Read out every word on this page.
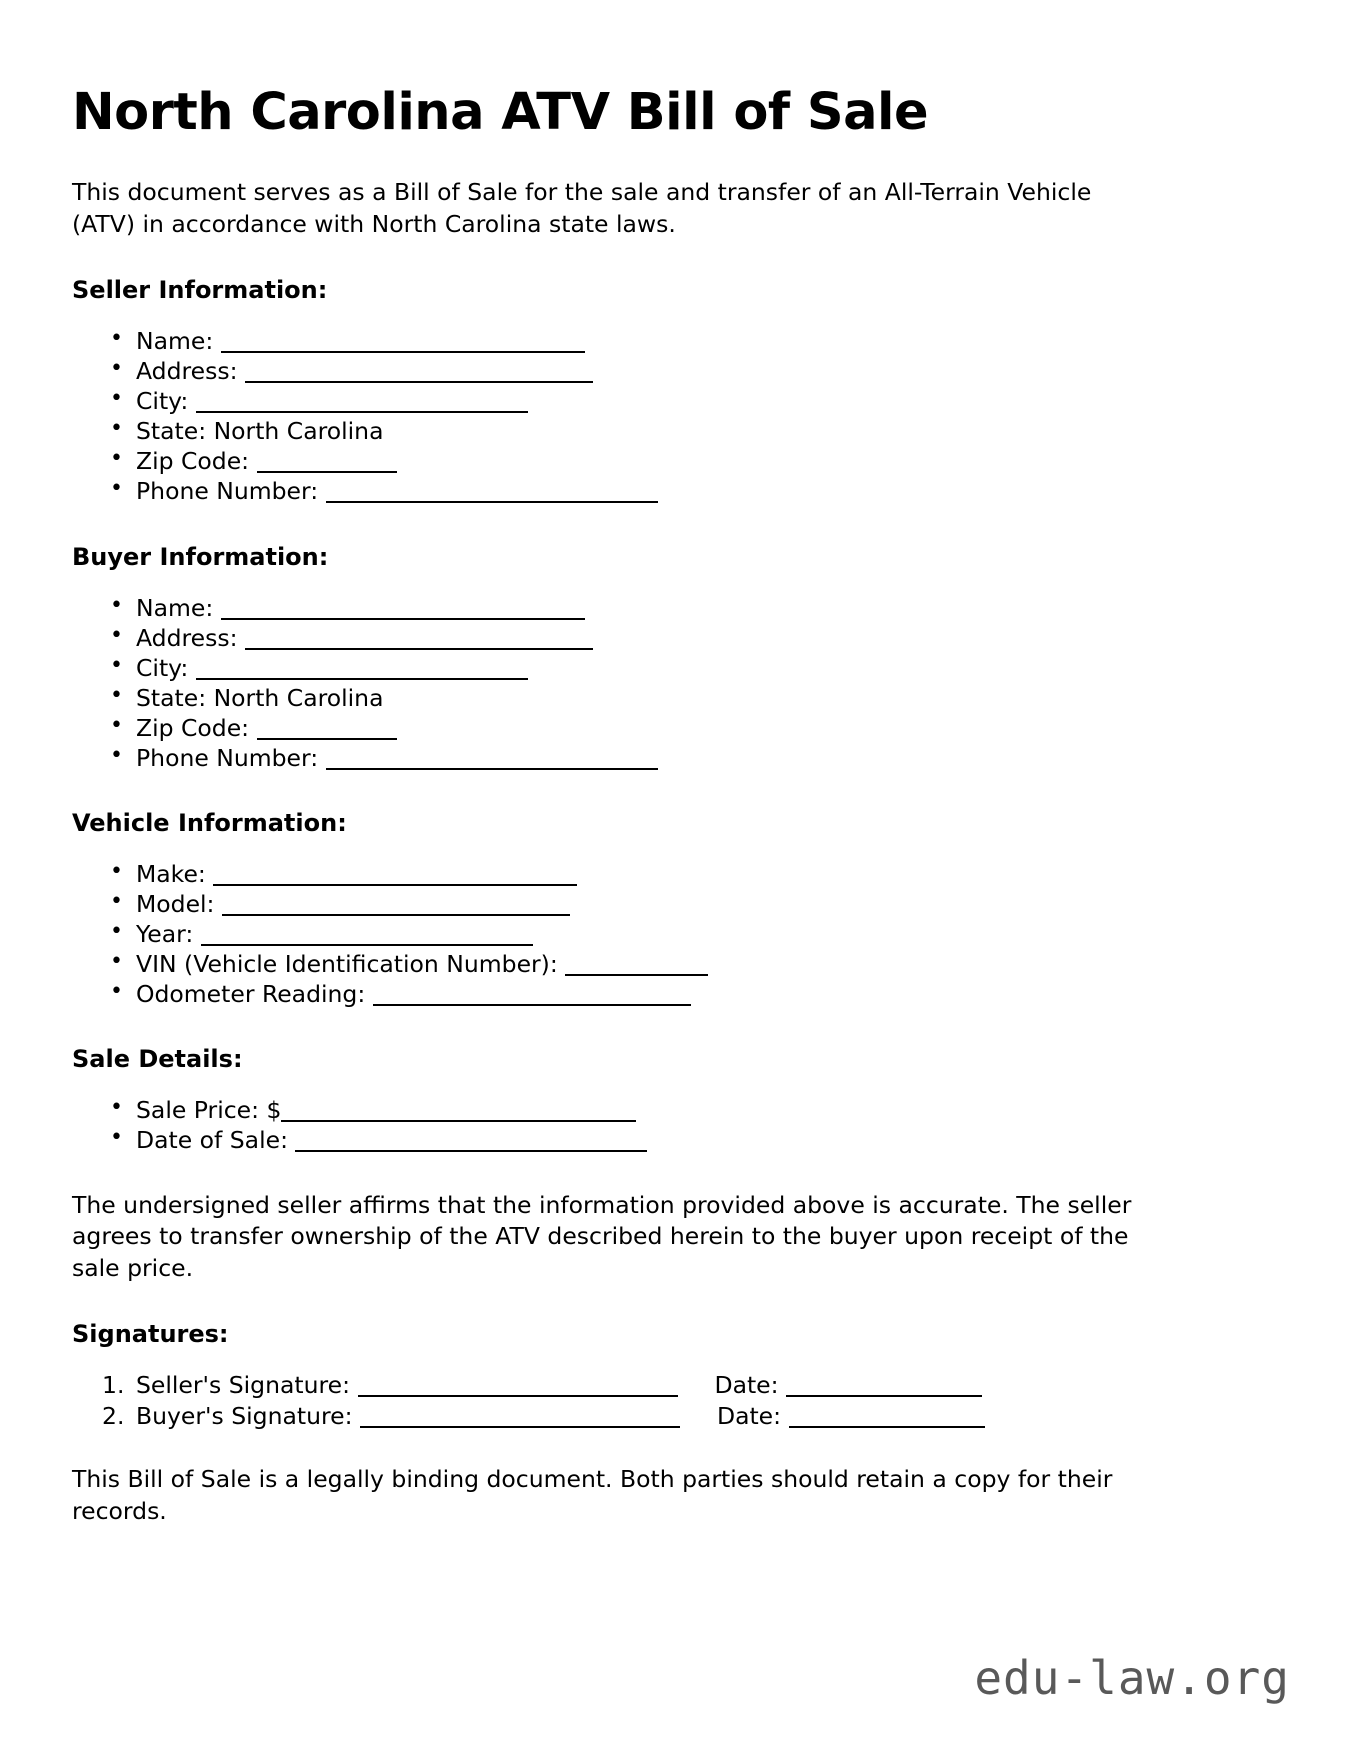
North Carolina ATV Bill of Sale

This document serves as a Bill of Sale for the sale and transfer of an All-Terrain Vehicle (ATV) in accordance with North Carolina state laws.

Seller Information:
• Name:
• Address:
• City:
• State: North Carolina
• Zip Code:
• Phone Number:
Buyer Information:
• Name:
• Address:
• City:
• State: North Carolina
• Zip Code:
• Phone Number:
Vehicle Information:
• Make:
• Model:
• Year:
• VIN (Vehicle Identification Number):
• Odometer Reading:
Sale Details:
• Sale Price: $
• Date of Sale:

The undersigned seller affirms that the information provided above is accurate. The seller agrees to transfer ownership of the ATV described herein to the buyer upon receipt of the sale price.

Signatures:
1. Seller's Signature:	Date:
2. Buyer's Signature:	Date:

This Bill of Sale is a legally binding document. Both parties should retain a copy for their records.

edu-law.org
